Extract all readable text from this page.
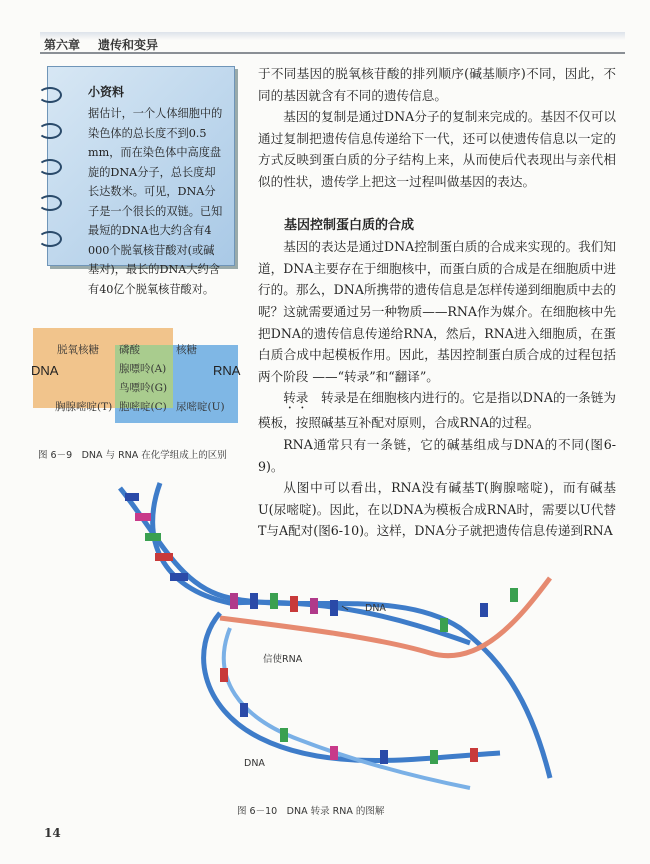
第六章 遗传和变异
小资料

据估计，一个人体细胞中的染色体的总长度不到0.5 mm，而在染色体中高度盘旋的DNA分子，总长度却长达数米。可见，DNA分子是一个很长的双链。已知最短的DNA也大约含有4 000个脱氧核苷酸对(或碱基对)，最长的DNA大约含有40亿个脱氧核苷酸对。

于不同基因的脱氧核苷酸的排列顺序(碱基顺序)不同，因此，不同的基因就含有不同的遗传信息。

基因的复制是通过DNA分子的复制来完成的。基因不仅可以通过复制把遗传信息传递给下一代，还可以使遗传信息以一定的方式反映到蛋白质的分子结构上来，从而使后代表现出与亲代相似的性状，遗传学上把这一过程叫做基因的表达。

基因控制蛋白质的合成

基因的表达是通过DNA控制蛋白质的合成来实现的。我们知道，DNA主要存在于细胞核中，而蛋白质的合成是在细胞质中进行的。那么，DNA所携带的遗传信息是怎样传递到细胞质中去的呢？这就需要通过另一种物质——RNA作为媒介。在细胞核中先把DNA的遗传信息传递给RNA，然后，RNA进入细胞质，在蛋白质合成中起模板作用。因此，基因控制蛋白质合成的过程包括两个阶段 ——“转录”和“翻译”。

转录　转录是在细胞核内进行的。它是指以DNA的一条链为模板，按照碱基互补配对原则，合成RNA的过程。

RNA通常只有一条链，它的碱基组成与DNA的不同(图6-9)。

从图中可以看出，RNA没有碱基T(胸腺嘧啶)，而有碱基U(尿嘧啶)。因此，在以DNA为模板合成RNA时，需要以U代替T与A配对(图6-10)。这样，DNA分子就把遗传信息传递到RNA

脱氧核糖 磷酸	核糖
DNA	RNA
腺嘌呤(A)
鸟嘌呤(G)
胸腺嘧啶(T) 胞嘧啶(C) 尿嘧啶(U)
图 6－9　DNA 与 RNA 在化学组成上的区别
DNA
信使RNA
DNA
图 6－10　DNA 转录 RNA 的图解
14
